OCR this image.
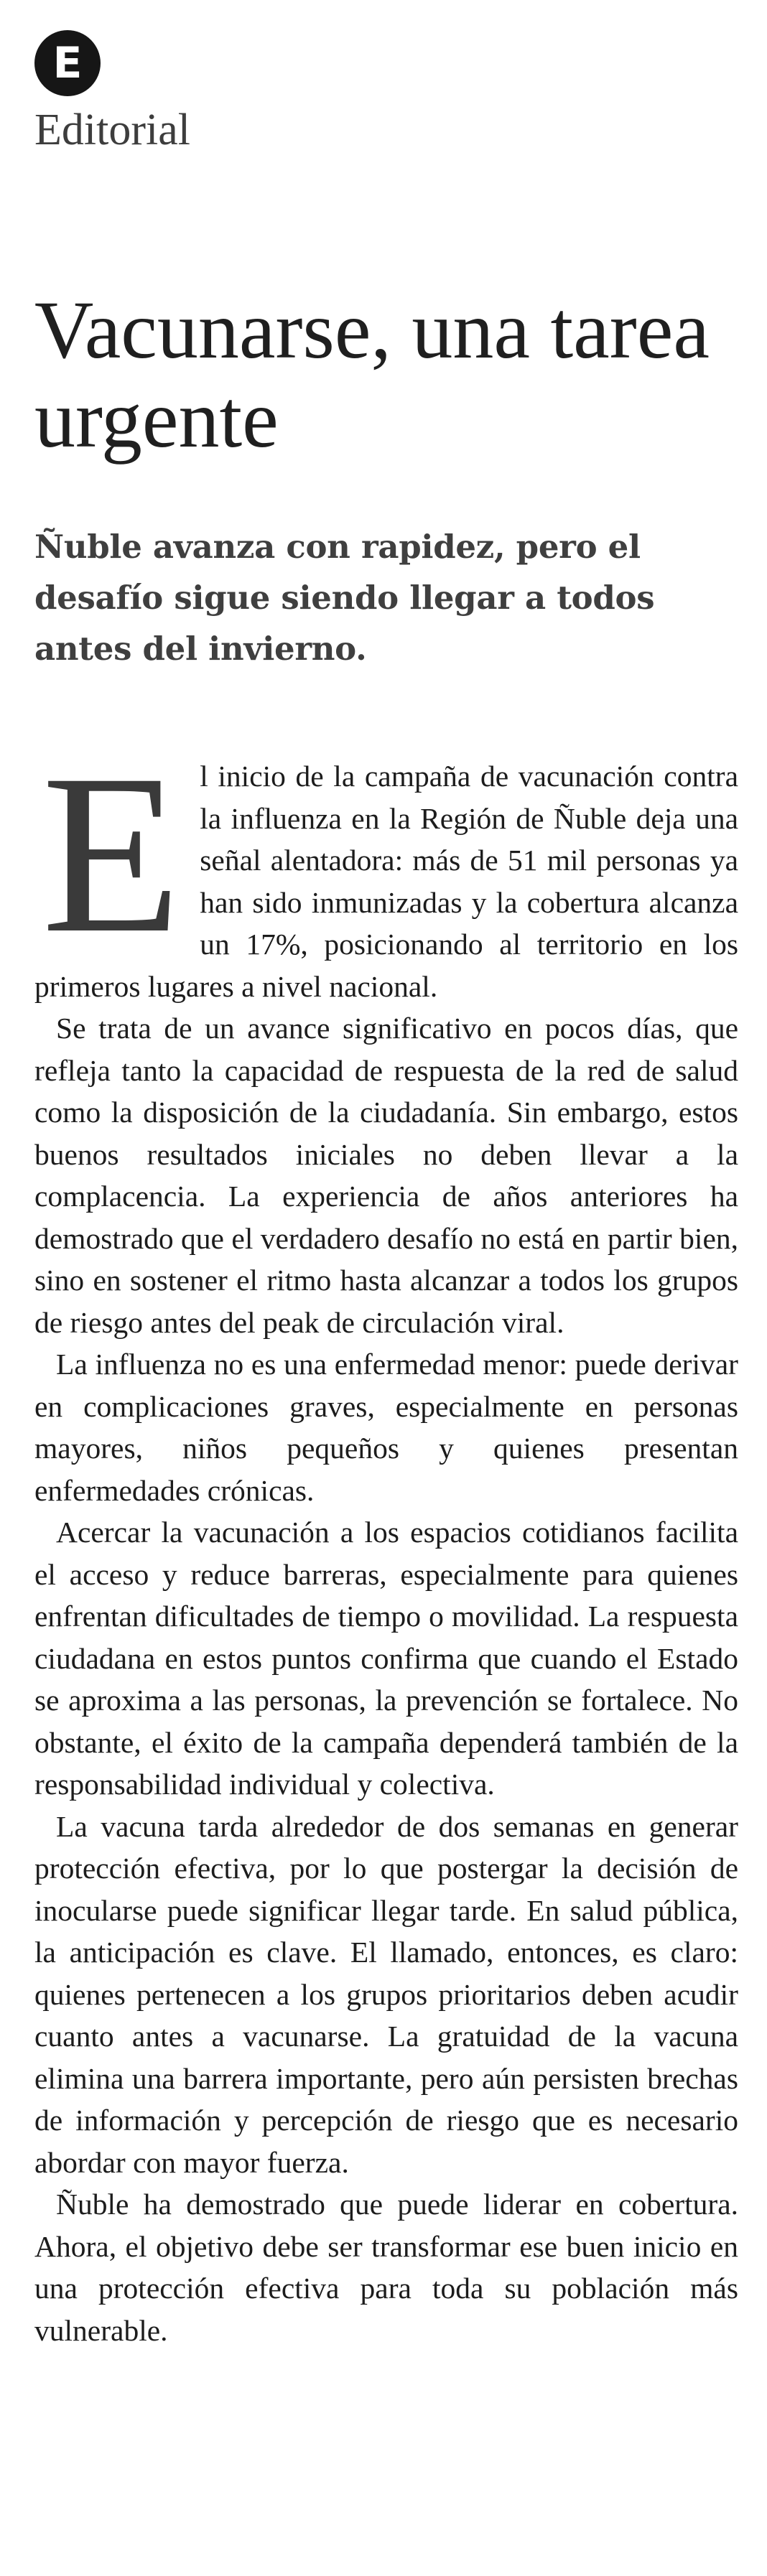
E
Editorial
Vacunarse, una tarea urgente

Ñuble avanza con rapidez, pero el desafío sigue siendo llegar a todos antes del invierno.

El inicio de la campaña de vacunación contra la influenza en la Región de Ñuble deja una señal alentadora: más de 51 mil personas ya han sido inmunizadas y la cobertura alcanza un 17%, posicionando al territorio en los primeros lugares a nivel nacional.

Se trata de un avance significativo en pocos días, que refleja tanto la capacidad de respuesta de la red de salud como la disposición de la ciudadanía. Sin embargo, estos buenos resultados iniciales no deben llevar a la complacencia. La experiencia de años anteriores ha demostrado que el verdadero desafío no está en partir bien, sino en sostener el ritmo hasta alcanzar a todos los grupos de riesgo antes del peak de circulación viral.

La influenza no es una enfermedad menor: puede derivar en complicaciones graves, especialmente en personas mayores, niños pequeños y quienes presentan enfermedades crónicas.

Acercar la vacunación a los espacios cotidianos facilita el acceso y reduce barreras, especialmente para quienes enfrentan dificultades de tiempo o movilidad. La respuesta ciudadana en estos puntos confirma que cuando el Estado se aproxima a las personas, la prevención se fortalece. No obstante, el éxito de la campaña dependerá también de la responsabilidad individual y colectiva.

La vacuna tarda alrededor de dos semanas en generar protección efectiva, por lo que postergar la decisión de inocularse puede significar llegar tarde. En salud pública, la anticipación es clave. El llamado, entonces, es claro: quienes pertenecen a los grupos prioritarios deben acudir cuanto antes a vacunarse. La gratuidad de la vacuna elimina una barrera importante, pero aún persisten brechas de información y percepción de riesgo que es necesario abordar con mayor fuerza.

Ñuble ha demostrado que puede liderar en cobertura. Ahora, el objetivo debe ser transformar ese buen inicio en una protección efectiva para toda su población más vulnerable.
